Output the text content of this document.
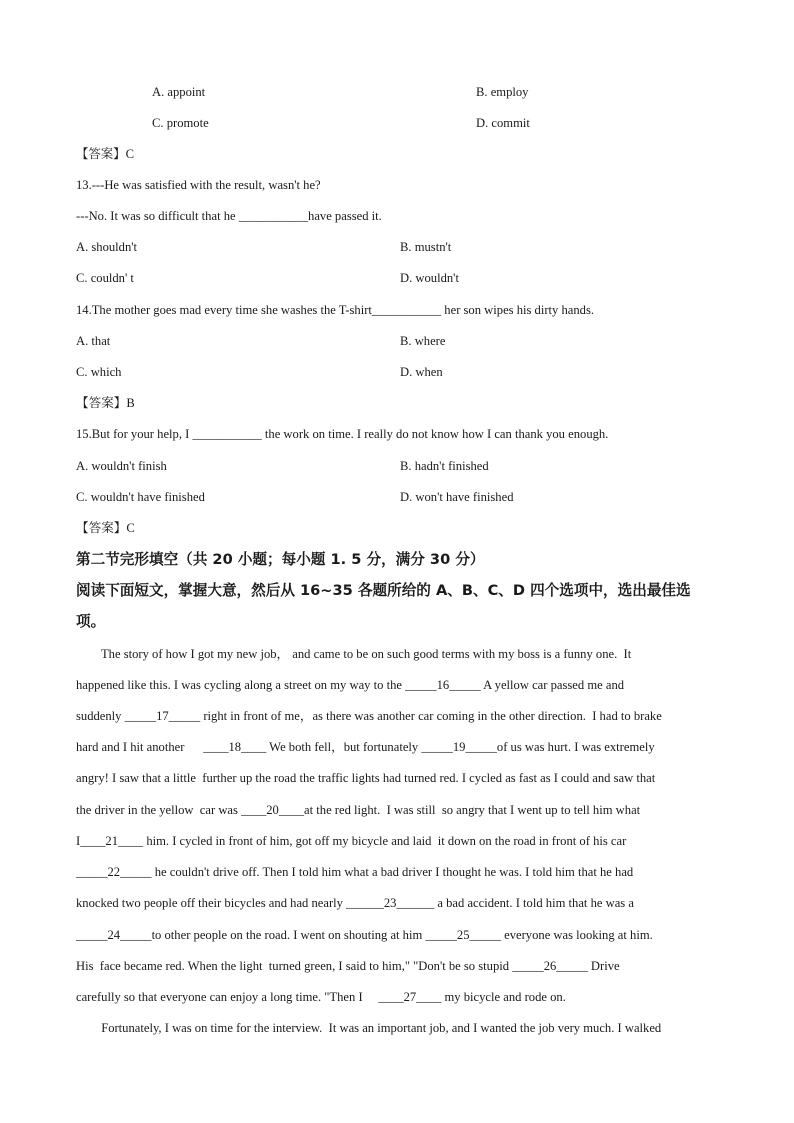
A. appoint	B. employ
C. promote	D. commit
【答案】C
13.---He was satisfied with the result, wasn't he?
---No. It was so difficult that he ___________have passed it.
A. shouldn't	B. mustn't
C. couldn' t	D. wouldn't
14.The mother goes mad every time she washes the T-shirt___________ her son wipes his dirty hands.
A. that	B. where
C. which	D. when
【答案】B
15.But for your help, I ___________ the work on time. I really do not know how I can thank you enough.
A. wouldn't finish	B. hadn't finished
C. wouldn't have finished	D. won't have finished
【答案】C
第二节完形填空（共 20 小题；每小题 1. 5 分，满分 30 分）
阅读下面短文，掌握大意，然后从 16~35 各题所给的 A、B、C、D 四个选项中，选出最佳选
项。
The story of how I got my new job， and came to be on such good terms with my boss is a funny one.  It
happened like this. I was cycling along a street on my way to the _____16_____ A yellow car passed me and
suddenly _____17_____ right in front of me，as there was another car coming in the other direction.  I had to brake
hard and I hit another      ____18____ We both fell，but fortunately _____19_____of us was hurt. I was extremely
angry! I saw that a little  further up the road the traffic lights had turned red. I cycled as fast as I could and saw that
the driver in the yellow  car was ____20____at the red light.  I was still  so angry that I went up to tell him what
I____21____ him. I cycled in front of him, got off my bicycle and laid  it down on the road in front of his car
_____22_____ he couldn't drive off. Then I told him what a bad driver I thought he was. I told him that he had
knocked two people off their bicycles and had nearly ______23______ a bad accident. I told him that he was a
_____24_____to other people on the road. I went on shouting at him _____25_____ everyone was looking at him.
His  face became red. When the light  turned green, I said to him," "Don't be so stupid _____26_____ Drive
carefully so that everyone can enjoy a long time. "Then I     ____27____ my bicycle and rode on.
Fortunately, I was on time for the interview.  It was an important job, and I wanted the job very much. I walked
